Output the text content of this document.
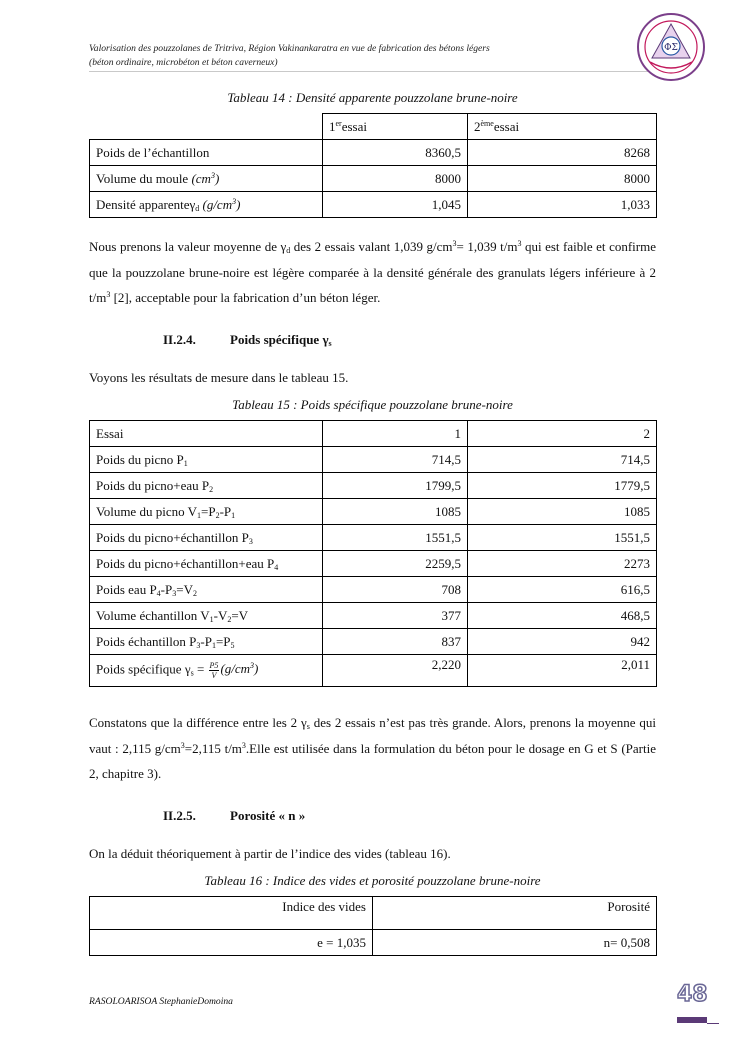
Valorisation des pouzzolanes de Tritriva, Région Vakinankaratra en vue de fabrication des bétons légers
(béton ordinaire, microbéton et béton caverneux)
ΦΣ
Tableau 14 : Densité apparente pouzzolane brune-noire
	1eressai	2èmeessai
Poids de l’échantillon	8360,5	8268
Volume du moule $(cm^3)$	8000	8000
Densité apparenteγ$_d$ $(g/cm^3)$	1,045	1,033

Nous prenons la valeur moyenne de $\gamma_d$ des 2 essais valant 1,039 $g/cm^3= 1,039$ $t/m^3$ qui est faible et confirme que la pouzzolane brune-noire est légère comparée à la densité générale des granulats légers inférieure à 2 $t/m^3$ [2], acceptable pour la fabrication d’un béton léger.

II.2.4.	Poids spécifique $\gamma_s$

Voyons les résultats de mesure dans le tableau 15.

Tableau 15 : Poids spécifique pouzzolane brune-noire
Essai	1	2
Poids du picno $P_1$	714,5	714,5
Poids du picno+eau $P_2$	1799,5	1779,5
Volume du picno $V_1=P_2-P_1$	1085	1085
Poids du picno+échantillon $P_3$	1551,5	1551,5
Poids du picno+échantillon+eau $P_4$	2259,5	2273
Poids eau $P_4-P_3=V_2$	708	616,5
Volume échantillon $V_1-V_2=V$	377	468,5
Poids échantillon $P_3-P_1=P_5$	837	942
Poids spécifique $\gamma_s = \frac{P5}{V} (g/cm^3)$	2,220	2,011

Constatons que la différence entre les 2 $\gamma_s$ des 2 essais n’est pas très grande. Alors, prenons la moyenne qui vaut : 2,115 $g/cm^3=2,115$ $t/m^3.Elle$ est utilisée dans la formulation du béton pour le dosage en G et S (Partie 2, chapitre 3).

II.2.5.	Porosité « n »

On la déduit théoriquement à partir de l’indice des vides (tableau 16).

Tableau 16 : Indice des vides et porosité pouzzolane brune-noire
Indice des vides	Porosité
e = 1,035	n= 0,508
RASOLOARISOA StephanieDomoina	48
